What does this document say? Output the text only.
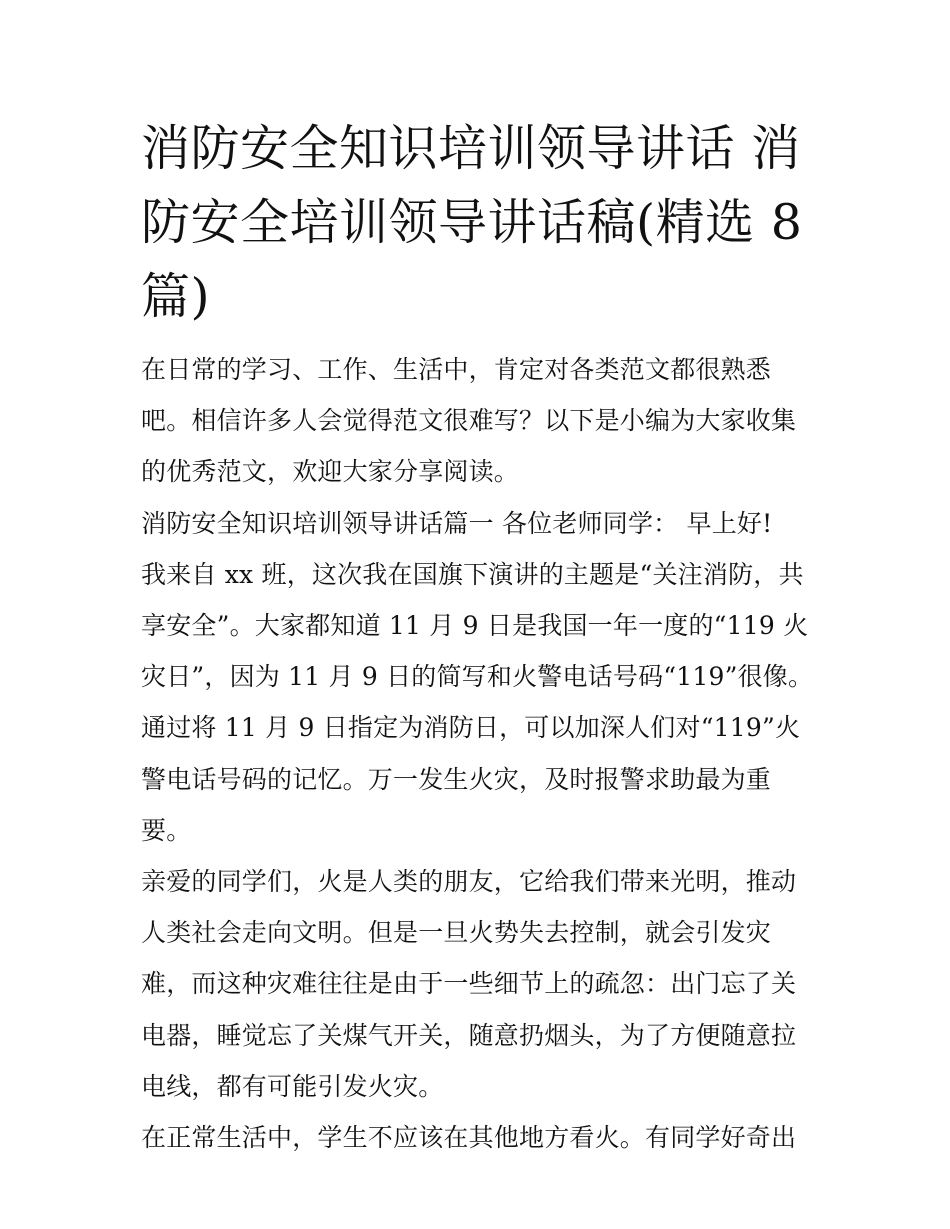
消防安全知识培训领导讲话 消防安全培训领导讲话稿(精选 8 篇)

在日常的学习、工作、生活中，肯定对各类范文都很熟悉吧。相信许多人会觉得范文很难写？以下是小编为大家收集的优秀范文，欢迎大家分享阅读。

消防安全知识培训领导讲话篇一 各位老师同学： 早上好!

我来自 xx 班，这次我在国旗下演讲的主题是“关注消防，共享安全”。大家都知道 11 月 9 日是我国一年一度的“119 火灾日”，因为 11 月 9 日的简写和火警电话号码“119”很像。通过将 11 月 9 日指定为消防日，可以加深人们对“119”火警电话号码的记忆。万一发生火灾，及时报警求助最为重要。

亲爱的同学们，火是人类的朋友，它给我们带来光明，推动人类社会走向文明。但是一旦火势失去控制，就会引发灾难，而这种灾难往往是由于一些细节上的疏忽：出门忘了关电器，睡觉忘了关煤气开关，随意扔烟头，为了方便随意拉电线，都有可能引发火灾。

在正常生活中，学生不应该在其他地方看火。有同学好奇出
